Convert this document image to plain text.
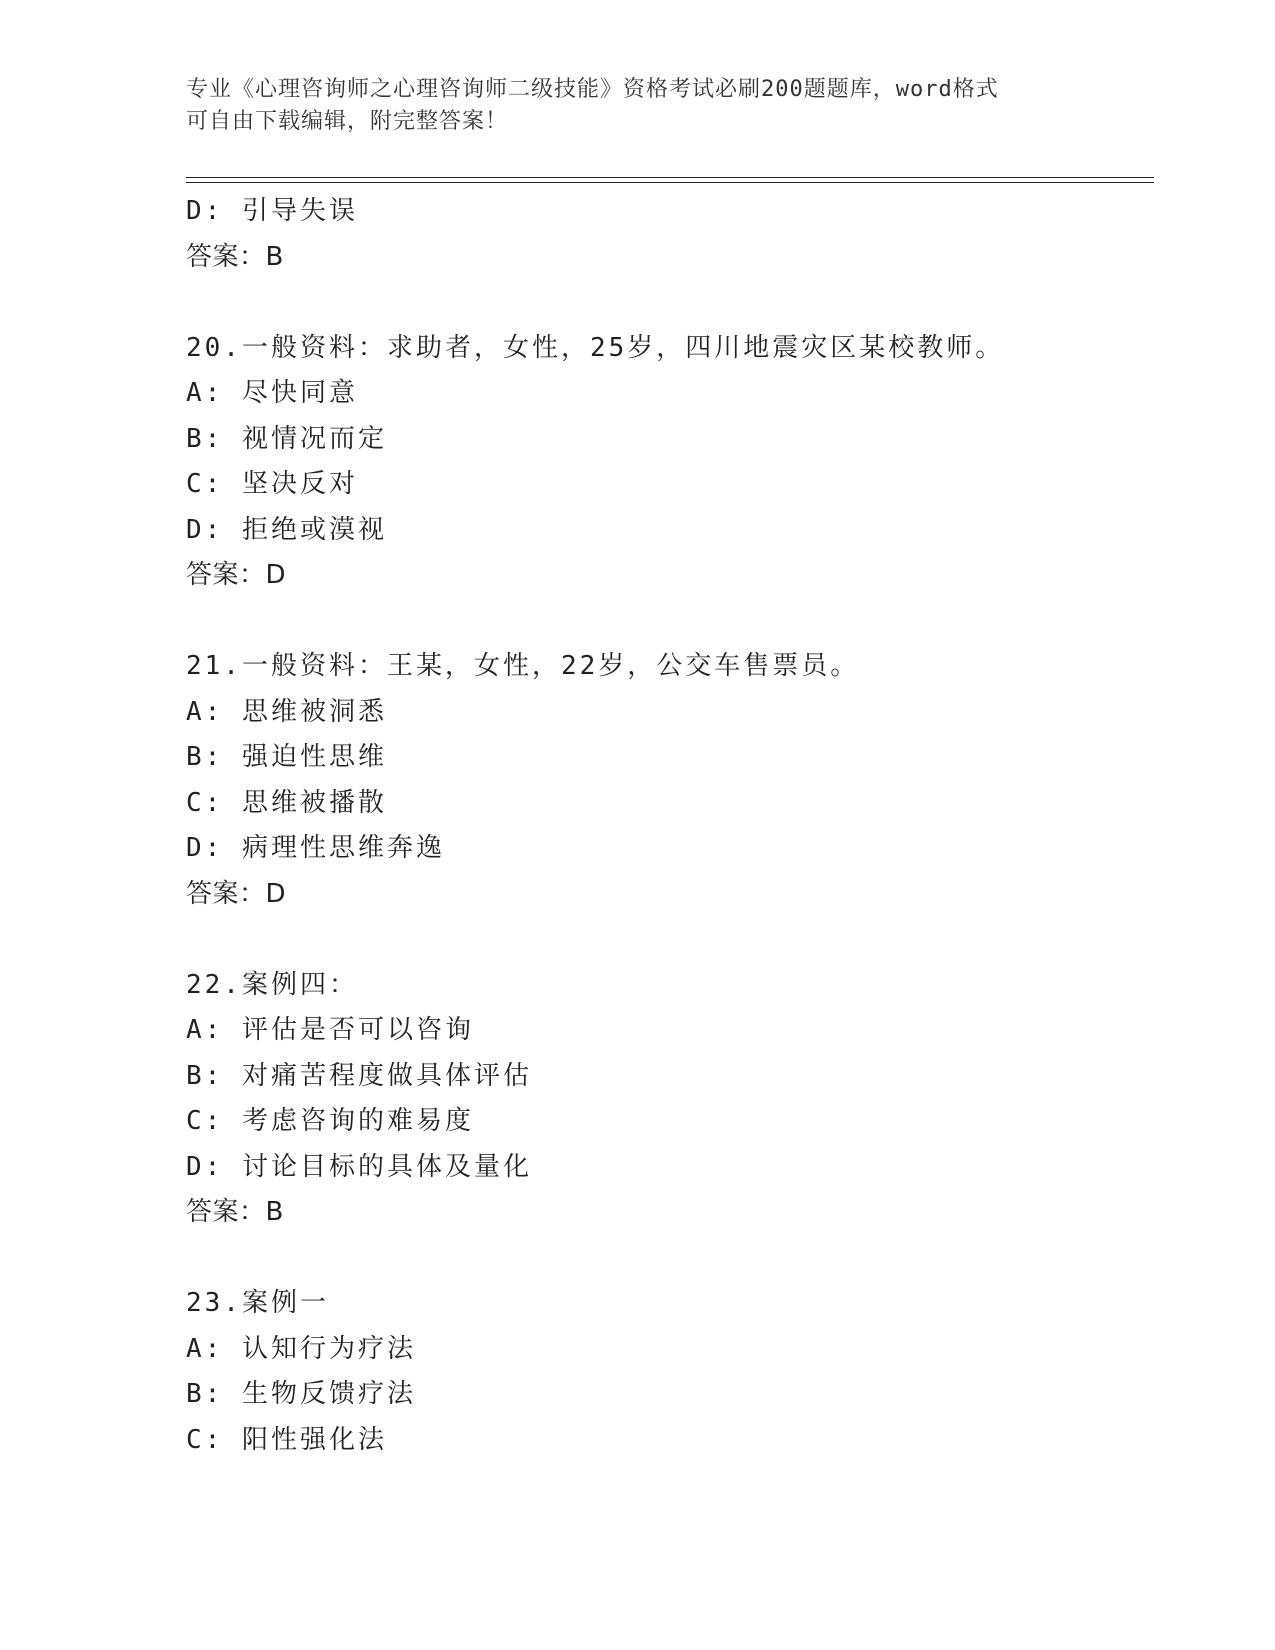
专业《心理咨询师之心理咨询师二级技能》资格考试必刷200题题库，word格式
可自由下载编辑，附完整答案！
D: 引导失误
答案：B
20.一般资料：求助者，女性，25岁，四川地震灾区某校教师。
A: 尽快同意
B: 视情况而定
C: 坚决反对
D: 拒绝或漠视
答案：D
21.一般资料：王某，女性，22岁，公交车售票员。
A: 思维被洞悉
B: 强迫性思维
C: 思维被播散
D: 病理性思维奔逸
答案：D
22.案例四：
A: 评估是否可以咨询
B: 对痛苦程度做具体评估
C: 考虑咨询的难易度
D: 讨论目标的具体及量化
答案：B
23.案例一
A: 认知行为疗法
B: 生物反馈疗法
C: 阳性强化法
